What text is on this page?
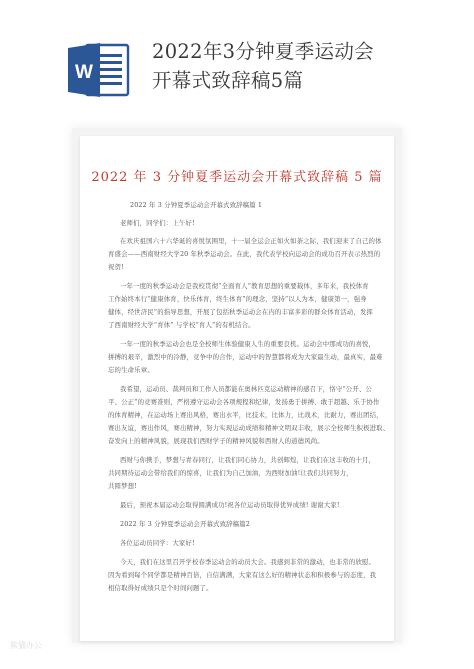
W
2022年3分钟夏季运动会
开幕式致辞稿5篇
2022 年 3 分钟夏季运动会开幕式致辞稿 5 篇
2022 年 3 分钟夏季运动会开幕式致辞稿篇 1
老师们，同学们：上午好!
在欢庆祖国六十六华诞的喜悦氛围里，十一届全运会正如火如荼之际，我们迎来了自己的体
育盛会——西南财经大学20 年秋季运动会。在此，我代表学校向运动会的成功召开表示热烈的
祝贺!
一年一度的秋季运动会是我校贯彻“全面育人”教育思想的重要载体，多年来，我校体育
工作始终本行“健康体育，快乐体育，终生体育”的理念，坚持“以人为本，健康第一，强身
健体，经世济民”的指导思想，开展了包括秋季运动会在内的丰富多彩的群众体育活动，发挥
了西南财经大学“育体” 与学校“育人”的有机结合。
一年一度的秋季运动会也是全校师生体验健康人生的重要良机。运动会中那成功的喜悦，
拼搏的艰辛，激烈中的冷静，竞争中的合作，运动中的智慧都将成为大家最生动，最真实，最难
忘的生命乐章。
我希望，运动员、裁判员和工作人员都能在奥林匹克运动精神的感召下，恪守“公开、公
平、公正”的竞赛准则，严格遵守运动会各项规程和纪律，发扬勇于拼搏、敢于超越、乐于协作
的体育精神，在运动场上赛出风格，赛出水平，比技术，比体力，比战术，比耐力，赛出团结，
赛出友谊，赛出作风，赛出精神，努力实现运动成绩和精神文明双丰收，展示全校师生积极进取、
奋发向上的精神风貌，展现我们西财学子的精神风貌和西财人的道德风尚。
西财与你携手，梦想与青春同行，让我们同心协力，共创辉煌，让我们在这丰收的十月，
共同期待运动会带给我们的惊喜，让我们为自己加油，为西财加油!让我们共同努力，
共圆梦想!
最后，预祝本届运动会取得圆满成功!祝各位运动员取得优异成绩! 谢谢大家!
2022 年 3 分钟夏季运动会开幕式致辞稿篇2
各位运动员同学：大家好!
今天，我们在这里召开学校春季运动会的动员大会。我感到非常的激动，也非常的欣慰。
因为看到每个同学都是精神百倍，自信满满，大家有这么好的精神状态和积极参与的态度，我
相信取得好成绩只是个时间问题了。
熊猫办公
